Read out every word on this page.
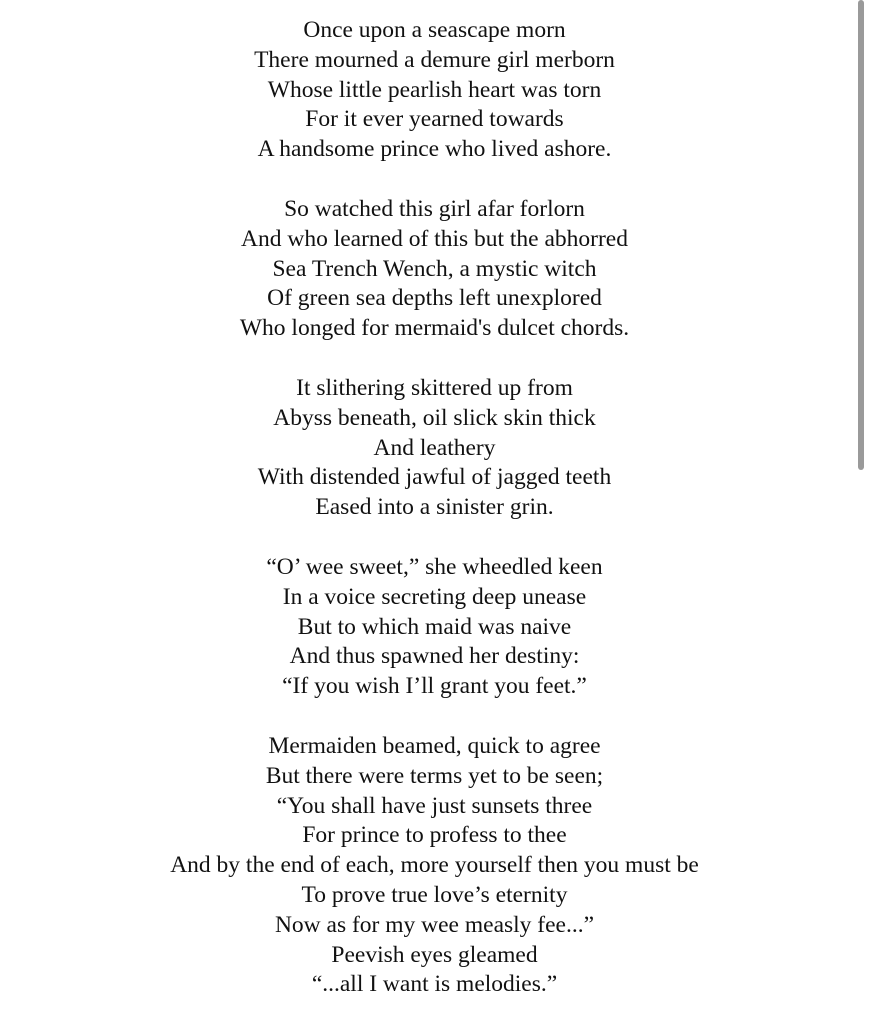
Once upon a seascape morn
There mourned a demure girl merborn
Whose little pearlish heart was torn
For it ever yearned towards
A handsome prince who lived ashore.
So watched this girl afar forlorn
And who learned of this but the abhorred
Sea Trench Wench, a mystic witch
Of green sea depths left unexplored
Who longed for mermaid's dulcet chords.
It slithering skittered up from
Abyss beneath, oil slick skin thick
And leathery
With distended jawful of jagged teeth
Eased into a sinister grin.
“O’ wee sweet,” she wheedled keen
In a voice secreting deep unease
But to which maid was naive
And thus spawned her destiny:
“If you wish I’ll grant you feet.”
Mermaiden beamed, quick to agree
But there were terms yet to be seen;
“You shall have just sunsets three
For prince to profess to thee
And by the end of each, more yourself then you must be
To prove true love’s eternity
Now as for my wee measly fee...”
Peevish eyes gleamed
“...all I want is melodies.”
